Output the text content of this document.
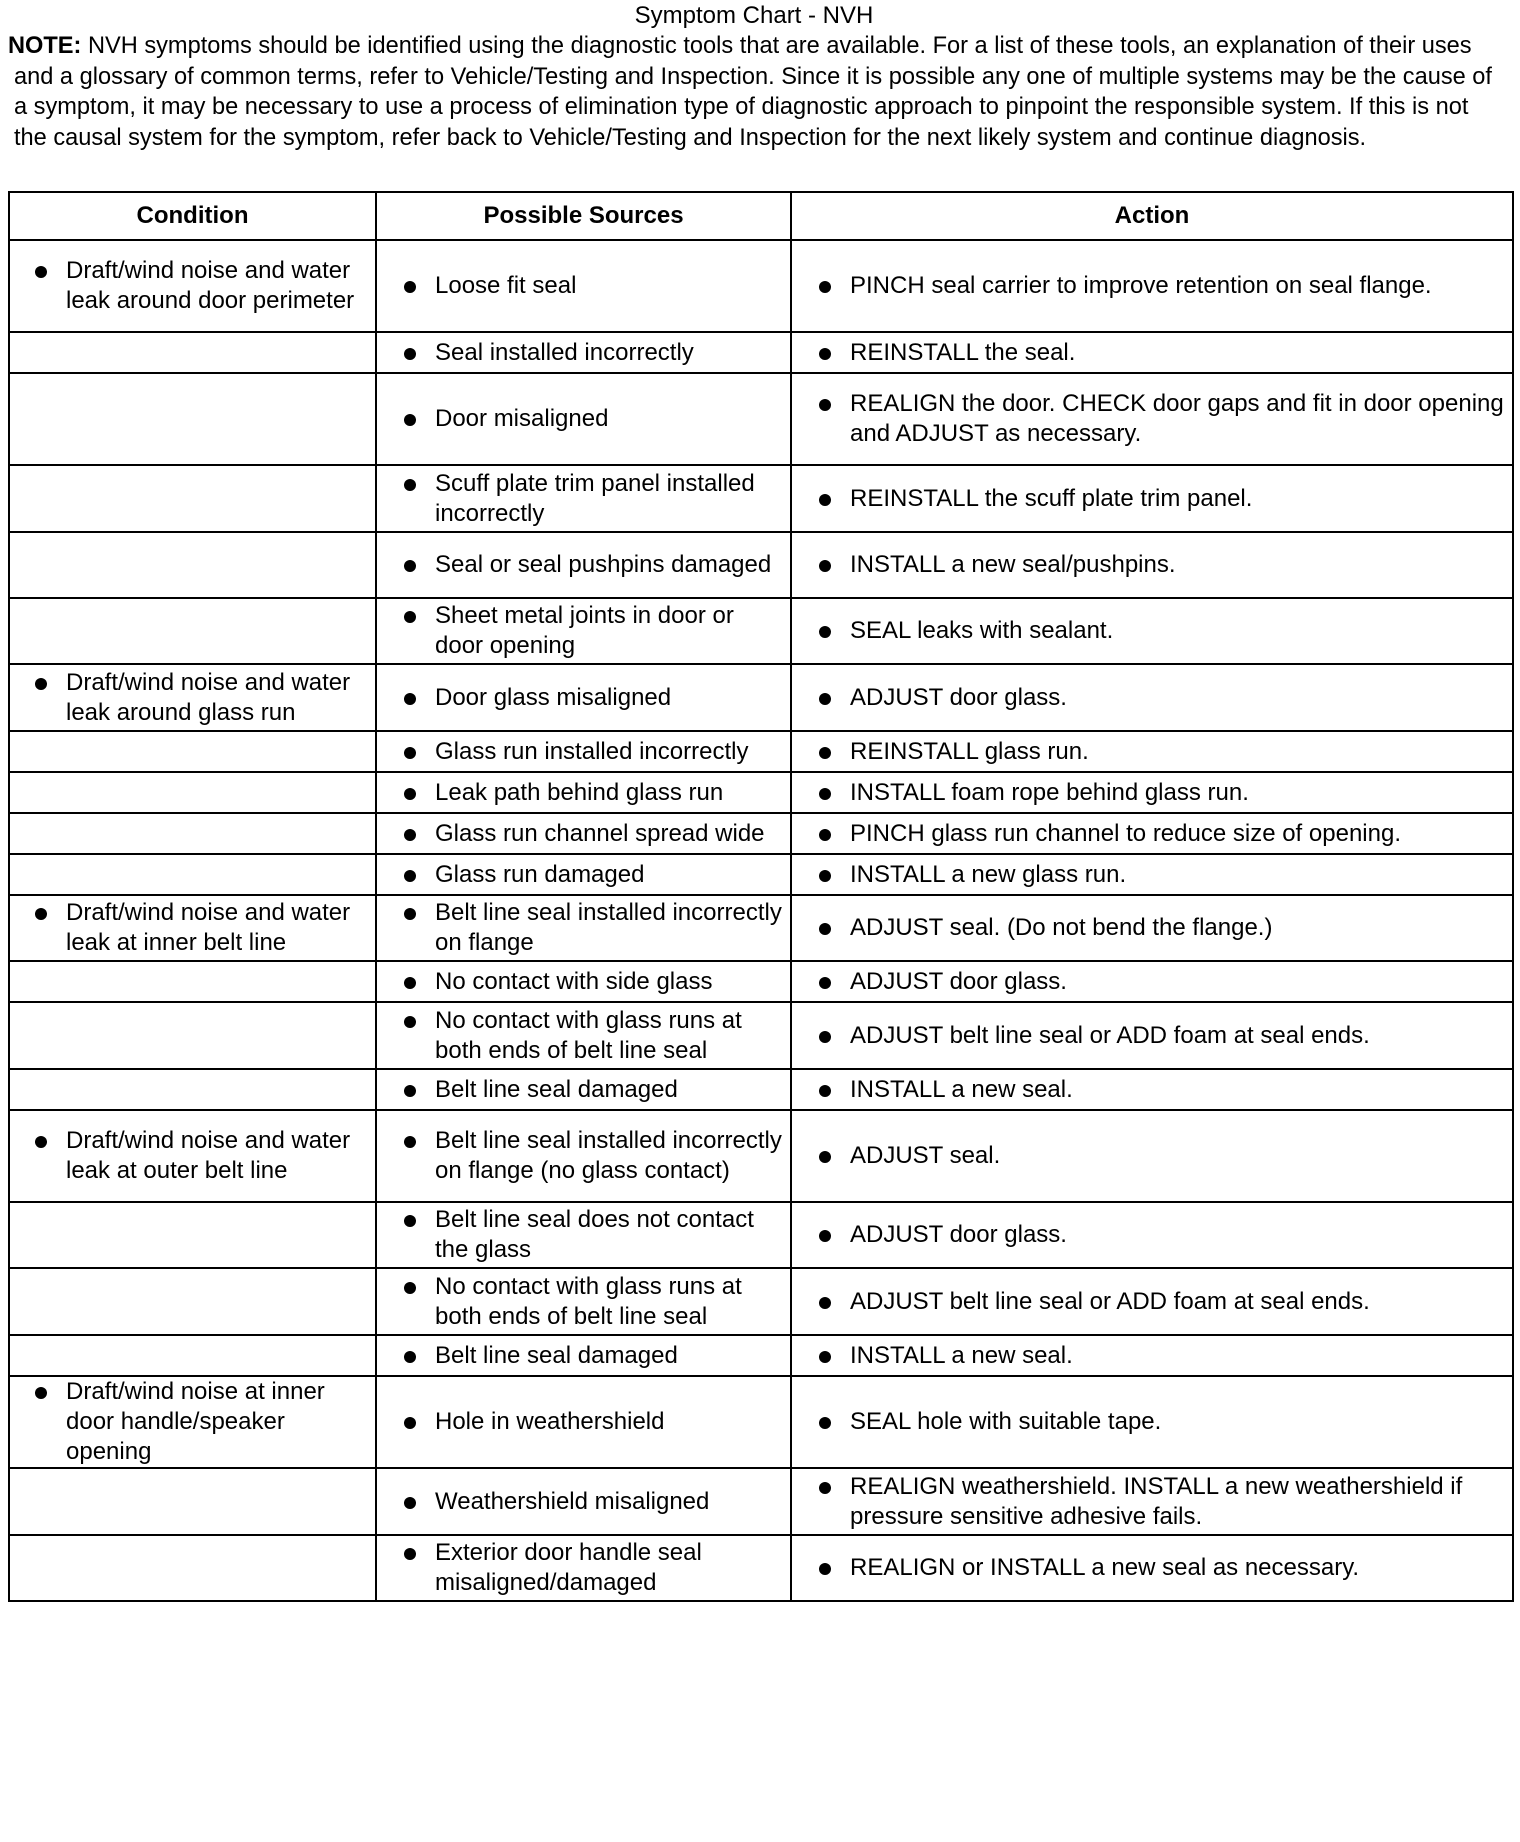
Symptom Chart - NVH
NOTE: NVH symptoms should be identified using the diagnostic tools that are available. For a list of these tools, an explanation of their uses and a glossary of common terms, refer to Vehicle/Testing and Inspection. Since it is possible any one of multiple systems may be the cause of a symptom, it may be necessary to use a process of elimination type of diagnostic approach to pinpoint the responsible system. If this is not the causal system for the symptom, refer back to Vehicle/Testing and Inspection for the next likely system and continue diagnosis.
Condition	Possible Sources	Action

Draft/wind noise and water leak around door perimeter	Loose fit seal	PINCH seal carrier to improve retention on seal flange.

Seal installed incorrectly	REINSTALL the seal.

Door misaligned	REALIGN the door. CHECK door gaps and fit in door opening and ADJUST as necessary.

Scuff plate trim panel installed incorrectly	REINSTALL the scuff plate trim panel.

Seal or seal pushpins damaged	INSTALL a new seal/pushpins.

Sheet metal joints in door or door opening	SEAL leaks with sealant.

Draft/wind noise and water leak around glass run	Door glass misaligned	ADJUST door glass.

Glass run installed incorrectly	REINSTALL glass run.

Leak path behind glass run	INSTALL foam rope behind glass run.

Glass run channel spread wide	PINCH glass run channel to reduce size of opening.

Glass run damaged	INSTALL a new glass run.

Draft/wind noise and water leak at inner belt line	Belt line seal installed incorrectly on flange	ADJUST seal. (Do not bend the flange.)

No contact with side glass	ADJUST door glass.

No contact with glass runs at both ends of belt line seal	ADJUST belt line seal or ADD foam at seal ends.

Belt line seal damaged	INSTALL a new seal.

Draft/wind noise and water leak at outer belt line	Belt line seal installed incorrectly on flange (no glass contact)	ADJUST seal.

Belt line seal does not contact the glass	ADJUST door glass.

No contact with glass runs at both ends of belt line seal	ADJUST belt line seal or ADD foam at seal ends.

Belt line seal damaged	INSTALL a new seal.

Draft/wind noise at inner door handle/speaker opening	Hole in weathershield	SEAL hole with suitable tape.

Weathershield misaligned	REALIGN weathershield. INSTALL a new weathershield if pressure sensitive adhesive fails.

Exterior door handle seal misaligned/damaged	REALIGN or INSTALL a new seal as necessary.
